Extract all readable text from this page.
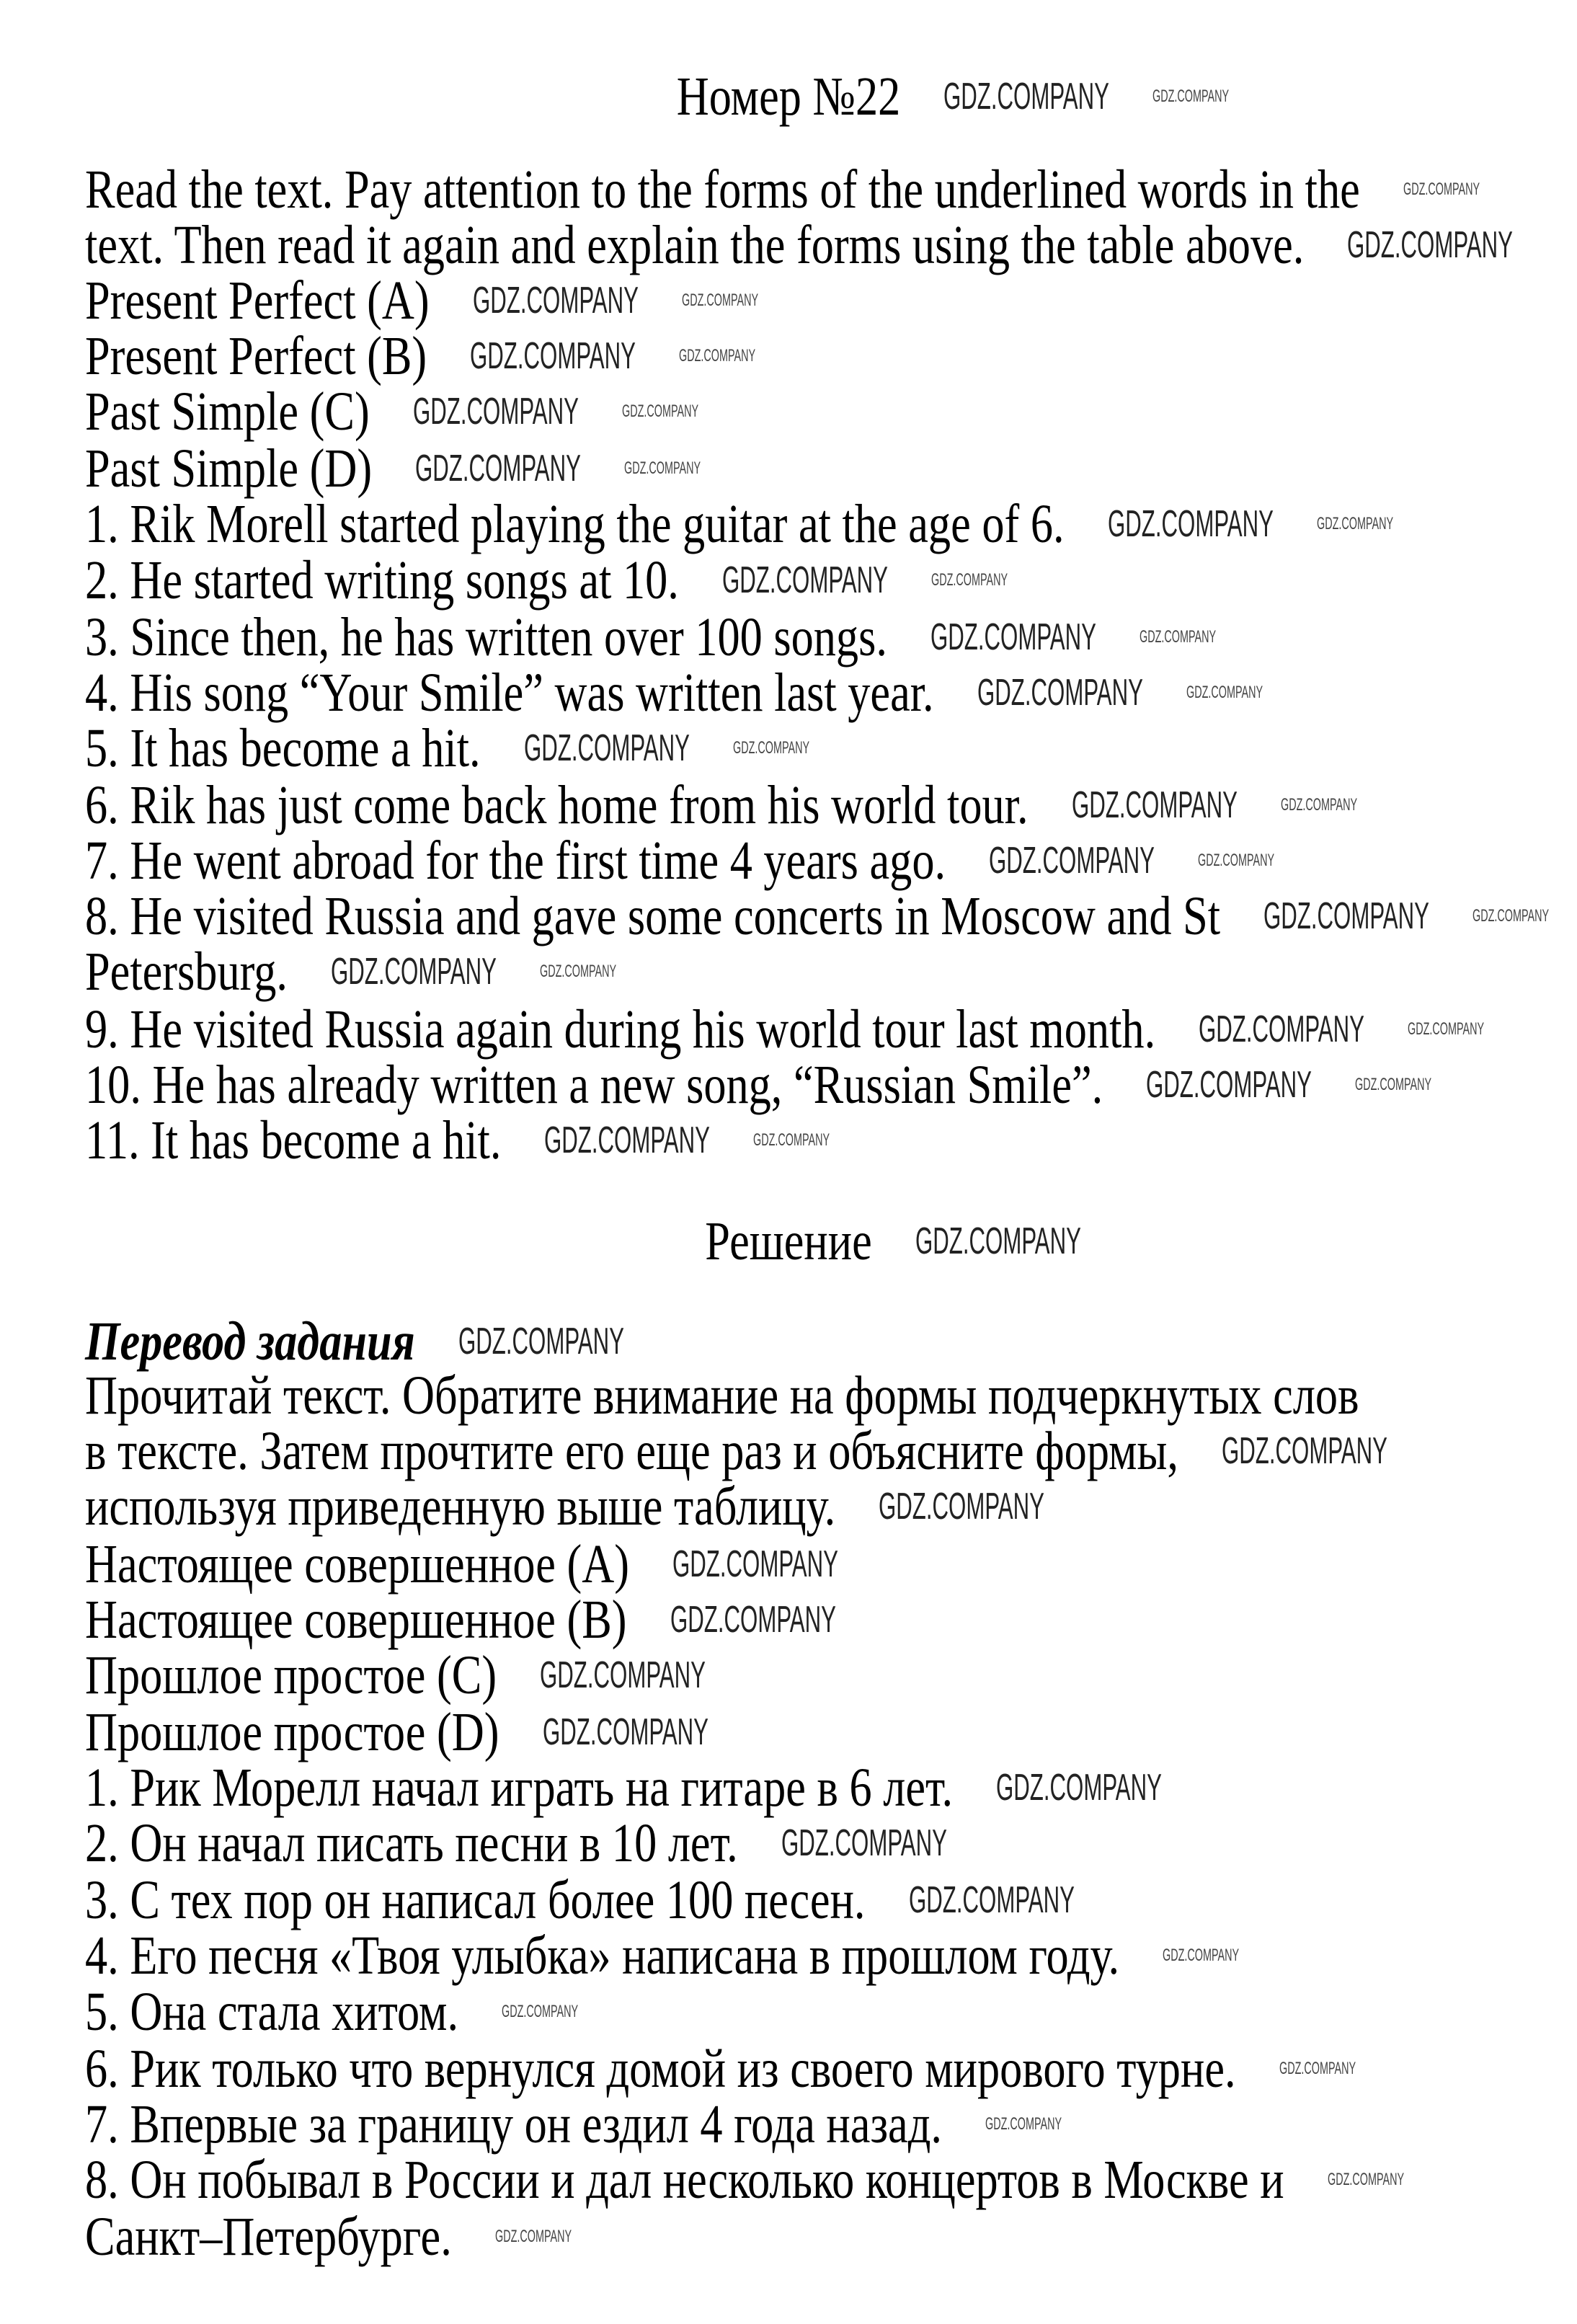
Номер №22
Read the text. Pay attention to the forms of the underlined words in the
text. Then read it again and explain the forms using the table above.
Present Perfect (A)
Present Perfect (B)
Past Simple (C)
Past Simple (D)
1. Rik Morell started playing the guitar at the age of 6.
2. He started writing songs at 10.
3. Since then, he has written over 100 songs.
4. His song “Your Smile” was written last year.
5. It has become a hit.
6. Rik has just come back home from his world tour.
7. He went abroad for the first time 4 years ago.
8. He visited Russia and gave some concerts in Moscow and St
Petersburg.
9. He visited Russia again during his world tour last month.
10. He has already written a new song, “Russian Smile”.
11. It has become a hit.
Решение
Перевод задания
Прочитай текст. Обратите внимание на формы подчеркнутых слов
в тексте. Затем прочтите его еще раз и объясните формы,
используя приведенную выше таблицу.
Настоящее совершенное (A)
Настоящее совершенное (B)
Прошлое простое (C)
Прошлое простое (D)
1. Рик Морелл начал играть на гитаре в 6 лет.
2. Он начал писать песни в 10 лет.
3. С тех пор он написал более 100 песен.
4. Его песня «Твоя улыбка» написана в прошлом году.
5. Она стала хитом.
6. Рик только что вернулся домой из своего мирового турне.
7. Впервые за границу он ездил 4 года назад.
8. Он побывал в России и дал несколько концертов в Москве и
Санкт–Петербурге.
GDZ.COMPANY
GDZ.COMPANY
GDZ.COMPANY
GDZ.COMPANY
GDZ.COMPANY
GDZ.COMPANY
GDZ.COMPANY
GDZ.COMPANY
GDZ.COMPANY
GDZ.COMPANY
GDZ.COMPANY
GDZ.COMPANY
GDZ.COMPANY
GDZ.COMPANY
GDZ.COMPANY
GDZ.COMPANY
GDZ.COMPANY
GDZ.COMPANY
GDZ.COMPANY
GDZ.COMPANY
GDZ.COMPANY
GDZ.COMPANY
GDZ.COMPANY
GDZ.COMPANY
GDZ.COMPANY
GDZ.COMPANY
GDZ.COMPANY
GDZ.COMPANY
GDZ.COMPANY
GDZ.COMPANY
GDZ.COMPANY
GDZ.COMPANY
GDZ.COMPANY
GDZ.COMPANY
GDZ.COMPANY
GDZ.COMPANY
GDZ.COMPANY
GDZ.COMPANY
GDZ.COMPANY
GDZ.COMPANY
GDZ.COMPANY
GDZ.COMPANY
GDZ.COMPANY
GDZ.COMPANY
GDZ.COMPANY
GDZ.COMPANY
GDZ.COMPANY
GDZ.COMPANY
GDZ.COMPANY
GDZ.COMPANY
GDZ.COMPANY
GDZ.COMPANY
GDZ.COMPANY
